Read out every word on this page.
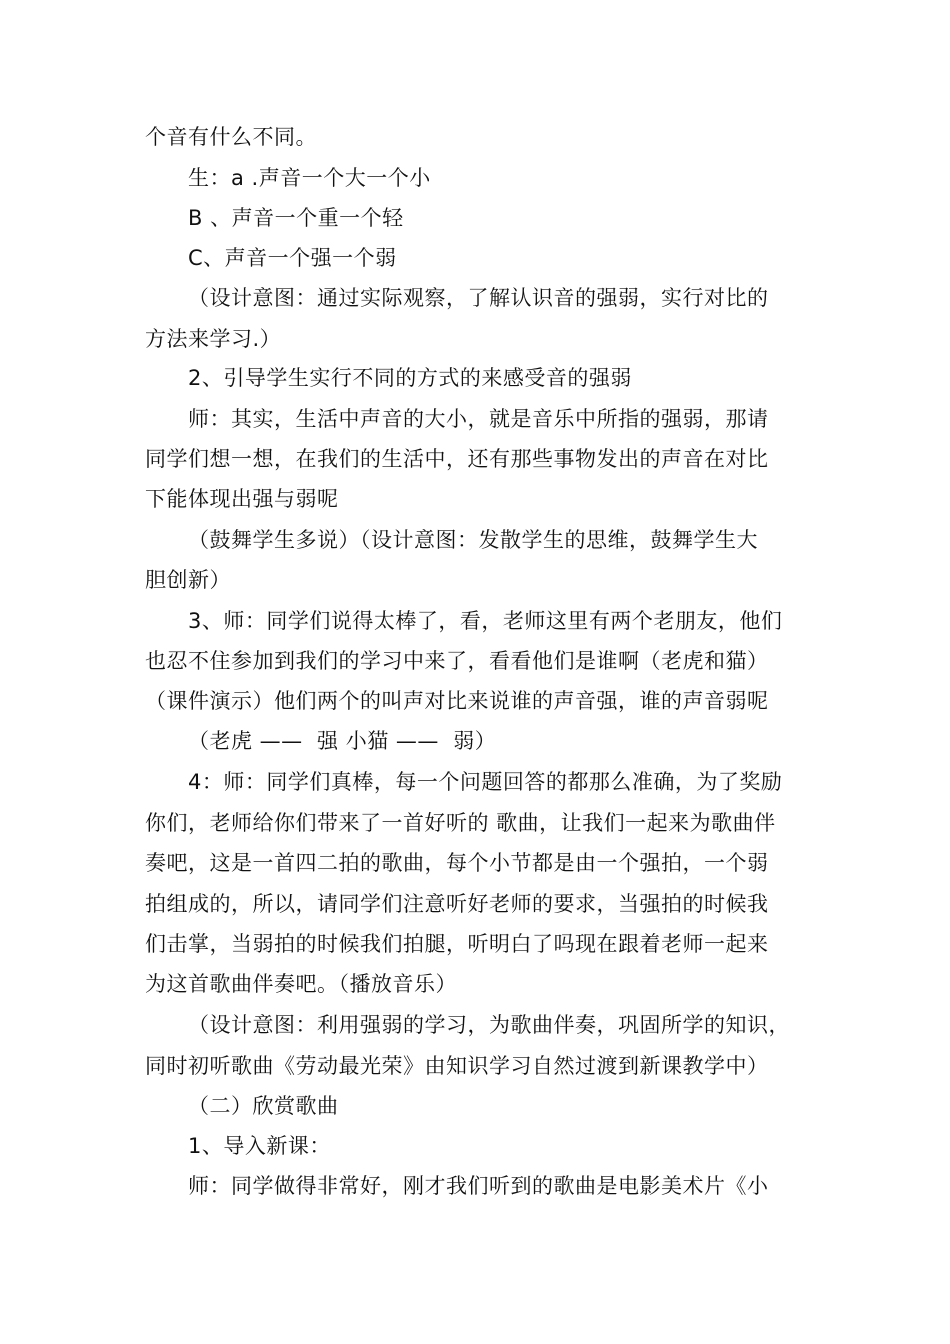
个音有什么不同。
生：a .声音一个大一个小
B 、声音一个重一个轻
C、声音一个强一个弱
（设计意图：通过实际观察，了解认识音的强弱，实行对比的
方法来学习.）
2、引导学生实行不同的方式的来感受音的强弱
师：其实，生活中声音的大小，就是音乐中所指的强弱，那请
同学们想一想，在我们的生活中，还有那些事物发出的声音在对比
下能体现出强与弱呢
（鼓舞学生多说）（设计意图：发散学生的思维，鼓舞学生大
胆创新）
3、师：同学们说得太棒了，看，老师这里有两个老朋友，他们
也忍不住参加到我们的学习中来了，看看他们是谁啊（老虎和猫）
（课件演示）他们两个的叫声对比来说谁的声音强，谁的声音弱呢
（老虎 ——  强 小猫 ——  弱）
4：师：同学们真棒，每一个问题回答的都那么准确，为了奖励
你们，老师给你们带来了一首好听的 歌曲，让我们一起来为歌曲伴
奏吧，这是一首四二拍的歌曲，每个小节都是由一个强拍，一个弱
拍组成的，所以，请同学们注意听好老师的要求，当强拍的时候我
们击掌，当弱拍的时候我们拍腿，听明白了吗现在跟着老师一起来
为这首歌曲伴奏吧。（播放音乐）
（设计意图：利用强弱的学习，为歌曲伴奏，巩固所学的知识，
同时初听歌曲《劳动最光荣》由知识学习自然过渡到新课教学中）
（二）欣赏歌曲
1、导入新课：
师：同学做得非常好，刚才我们听到的歌曲是电影美术片《小
